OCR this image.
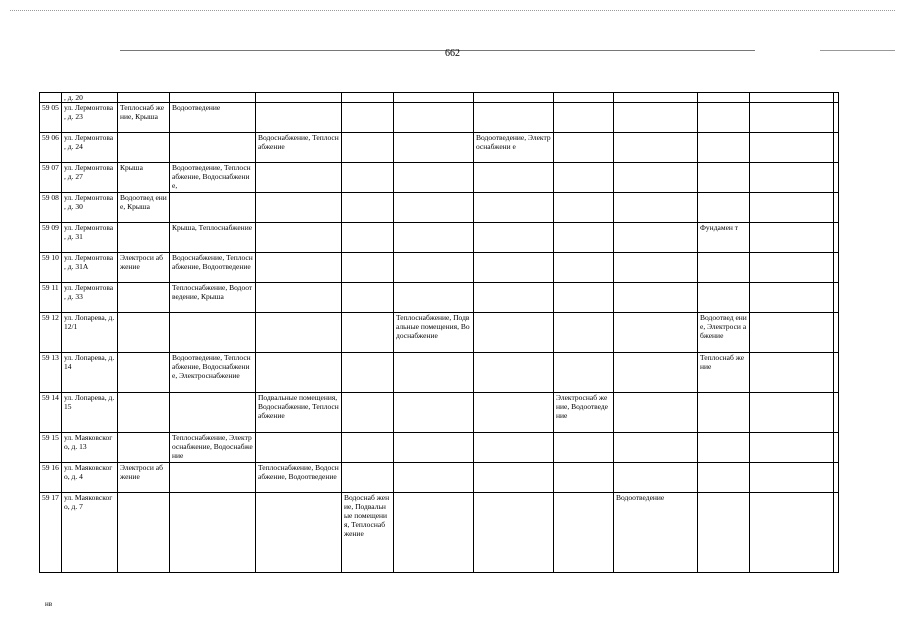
662
	, д. 20											
59 05	ул. Лермонтова , д. 23	Теплоснаб жение, Крыша	Водоотведение									
59 06	ул. Лермонтова , д. 24			Водоснабжение, Теплоснабжение			Водоотведение, Электроснабжени е					
59 07	ул. Лермонтова , д. 27	Крыша	Водоотведение, Теплоснабжение, Водоснабжение,									
59 08	ул. Лермонтова , д. 30	Водоотвед ение, Крыша										
59 09	ул. Лермонтова , д. 31		Крыша, Теплоснабжение							Фундамен т		
59 10	ул. Лермонтова , д. 31А	Электроси абжение	Водоснабжение, Теплоснабжение, Водоотведение									
59 11	ул. Лермонтова , д. 33		Теплоснабжение, Водоотведение, Крыша									
59 12	ул. Лопарева, д. 12/1					Теплоснабжение, Подвальные помещения, Водоснабжение				Водоотвед ение, Электроси абжение		
59 13	ул. Лопарева, д. 14		Водоотведение, Теплоснабжение, Водоснабжение, Электроснабжение							Теплоснаб жение		
59 14	ул. Лопарева, д. 15			Подвальные помещения, Водоснабжение, Теплоснабжение				Электроснаб жение, Водоотведе ние				
59 15	ул. Маяковског о, д. 13		Теплоснабжение, Электроснабжение, Водоснабжение									
59 16	ул. Маяковског о, д. 4	Электроси абжение		Теплоснабжение, Водоснабжение, Водоотведение								
59 17	ул. Маяковског о, д. 7				Водоснаб жение, Подвальн ые помещени я, Теплоснаб жение				Водоотведение			
нв
